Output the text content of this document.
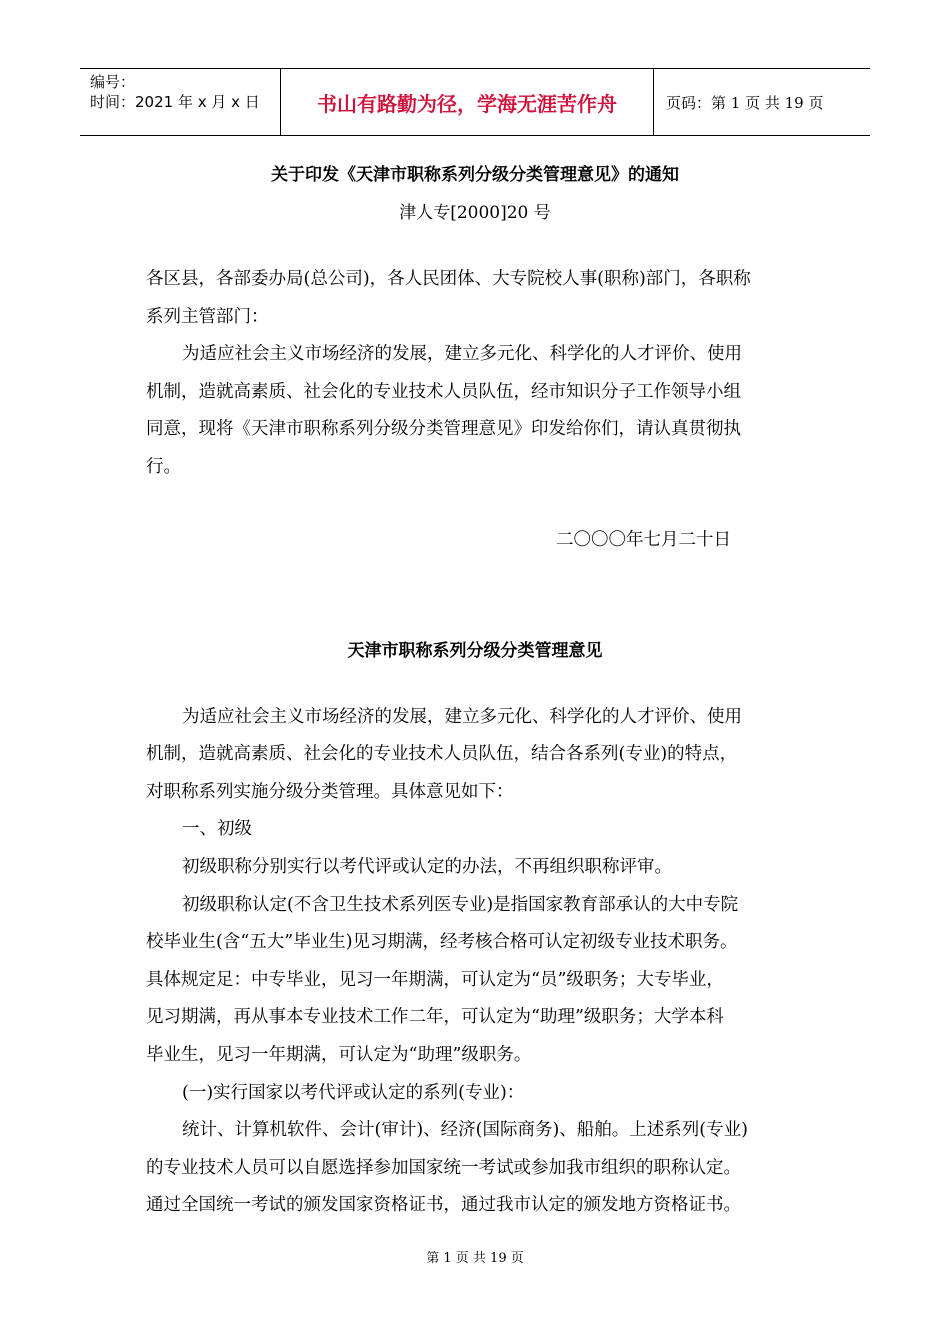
编号：
时间：2021 年 x 月 x 日	书山有路勤为径，学海无涯苦作舟	页码：第 1 页 共 19 页
关于印发《天津市职称系列分级分类管理意见》的通知
津人专[2000]20 号
各区县，各部委办局(总公司)，各人民团体、大专院校人事(职称)部门，各职称
系列主管部门：
为适应社会主义市场经济的发展，建立多元化、科学化的人才评价、使用
机制，造就高素质、社会化的专业技术人员队伍，经市知识分子工作领导小组
同意，现将《天津市职称系列分级分类管理意见》印发给你们，请认真贯彻执
行。
二〇〇〇年七月二十日
天津市职称系列分级分类管理意见
为适应社会主义市场经济的发展，建立多元化、科学化的人才评价、使用
机制，造就高素质、社会化的专业技术人员队伍，结合各系列(专业)的特点，
对职称系列实施分级分类管理。具体意见如下：
一、初级
初级职称分别实行以考代评或认定的办法，不再组织职称评审。
初级职称认定(不含卫生技术系列医专业)是指国家教育部承认的大中专院
校毕业生(含“五大”毕业生)见习期满，经考核合格可认定初级专业技术职务。
具体规定足：中专毕业，见习一年期满，可认定为“员”级职务；大专毕业，
见习期满，再从事本专业技术工作二年，可认定为“助理”级职务；大学本科
毕业生，见习一年期满，可认定为“助理”级职务。
(一)实行国家以考代评或认定的系列(专业)：
统计、计算机软件、会计(审计)、经济(国际商务)、船舶。上述系列(专业)
的专业技术人员可以自愿选择参加国家统一考试或参加我市组织的职称认定。
通过全国统一考试的颁发国家资格证书，通过我市认定的颁发地方资格证书。
第 1 页 共 19 页
